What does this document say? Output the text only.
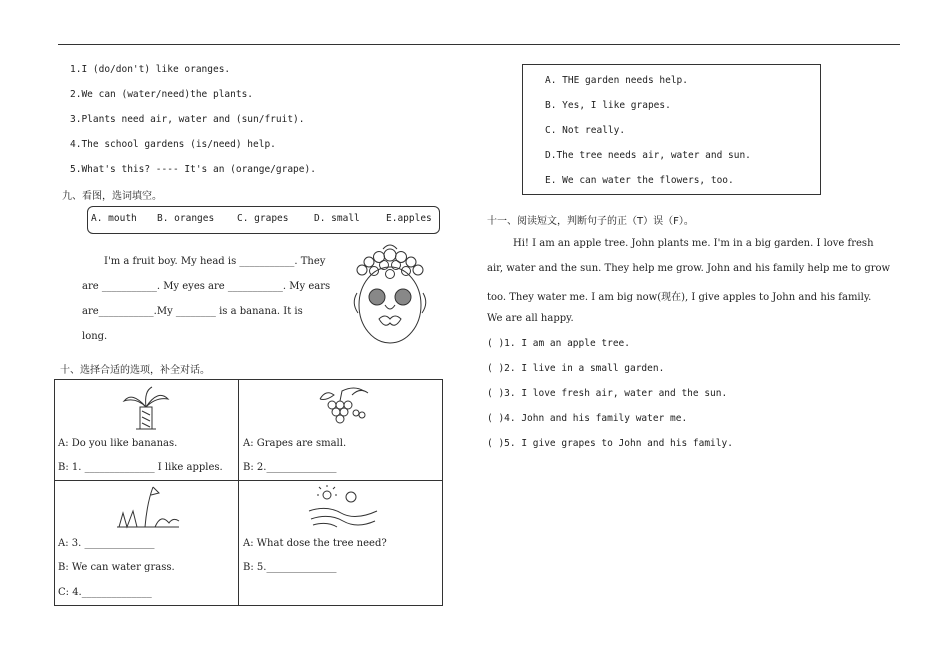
1.I (do/don't) like oranges.
2.We can (water/need)the plants.
3.Plants need air, water and (sun/fruit).
4.The school gardens (is/need) help.
5.What's this? ---- It's an (orange/grape).
九、看图，选词填空。
A. mouth B. oranges C. grapes	D. small	E.apples
I'm a fruit boy. My head is ___________. They
are ___________. My eyes are ___________. My ears
are___________.My ________ is a banana. It is
long.
十、选择合适的选项，补全对话。
A: Do you like bananas.
B: 1. ______________ I like apples.
A: Grapes are small.
B: 2.______________
A: 3. ______________
B: We can water grass.
C: 4.______________
A: What dose the tree need?
B: 5.______________
A. THE garden needs help.
B. Yes, I like grapes.
C. Not really.
D.The tree needs air, water and sun.
E. We can water the flowers, too.
十一、阅读短文，判断句子的正（T）误（F）。
Hi! I am an apple tree. John plants me. I'm in a big garden. I love fresh
air, water and the sun. They help me grow. John and his family help me to grow
too. They water me. I am big now(现在), I give apples to John and his family.
We are all happy.
( )1. I am an apple tree.
( )2. I live in a small garden.
( )3. I love fresh air, water and the sun.
( )4. John and his family water me.
( )5. I give grapes to John and his family.
